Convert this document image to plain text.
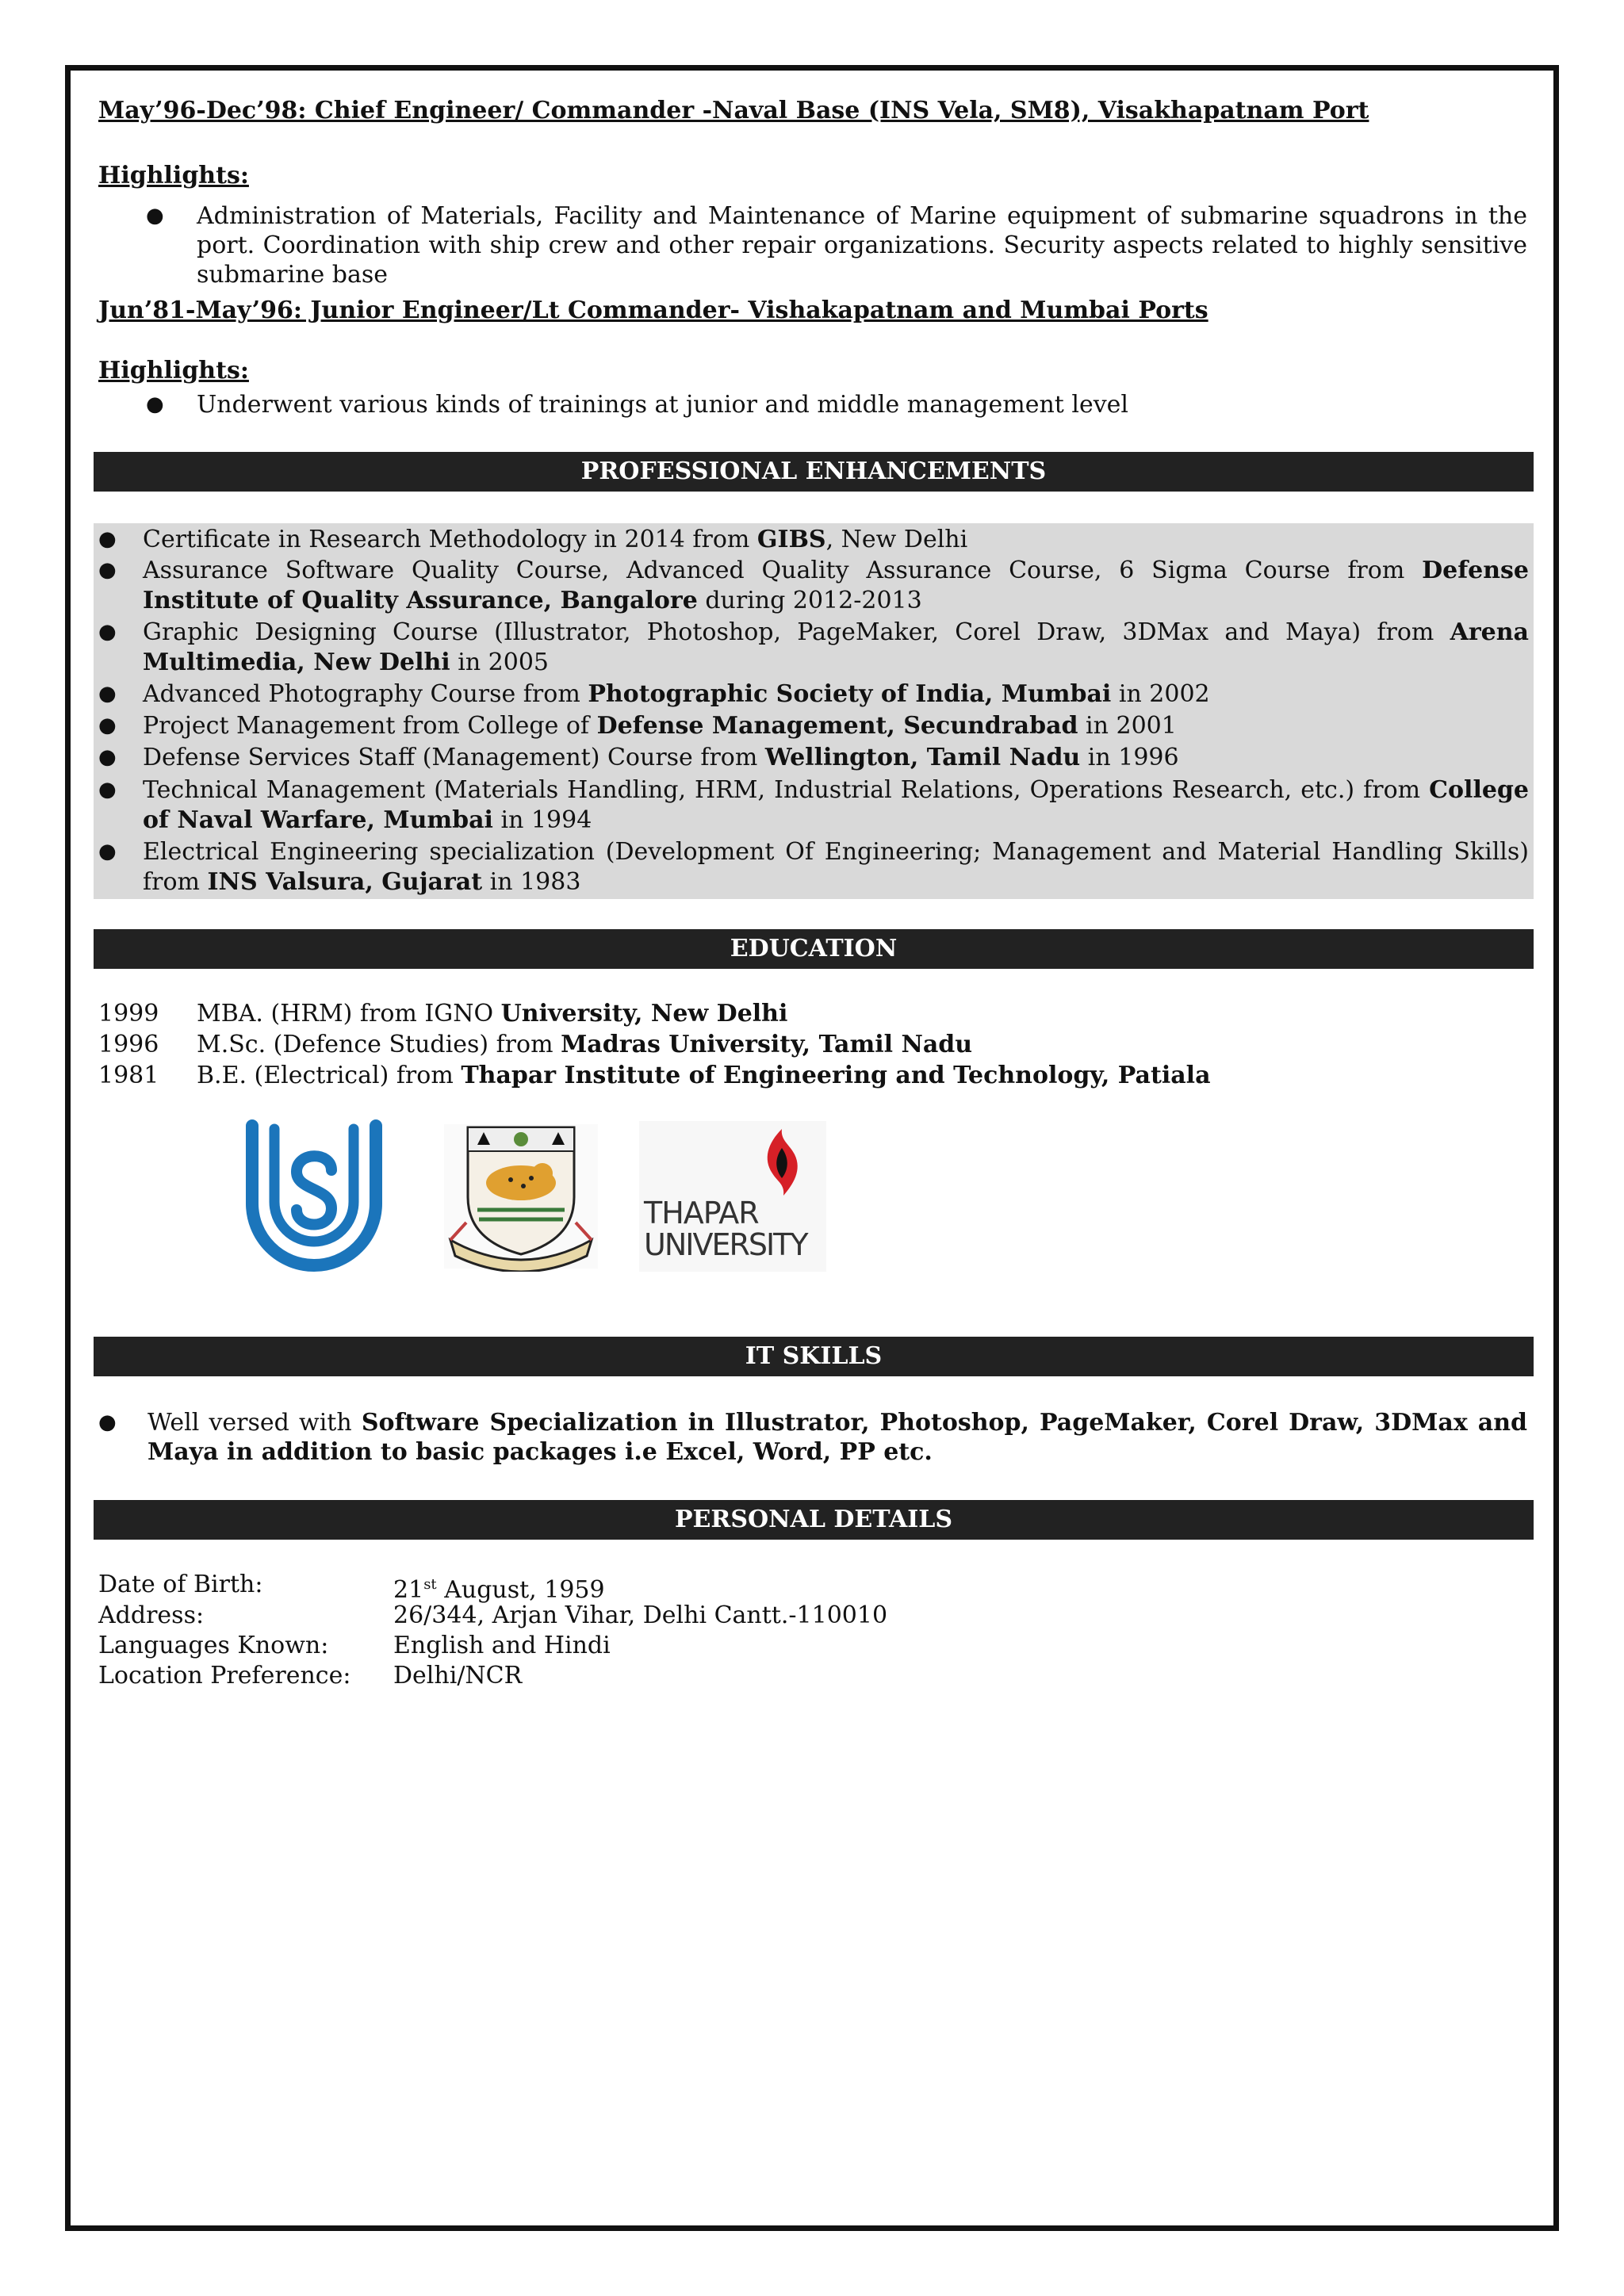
May’96-Dec’98: Chief Engineer/ Commander -Naval Base (INS Vela, SM8), Visakhapatnam Port
Highlights:
● Administration of Materials, Facility and Maintenance of Marine equipment of submarine squadrons in the port. Coordination with ship crew and other repair organizations. Security aspects related to highly sensitive submarine base
Jun’81-May’96: Junior Engineer/Lt Commander- Vishakapatnam and Mumbai Ports
Highlights:
● Underwent various kinds of trainings at junior and middle management level
PROFESSIONAL ENHANCEMENTS
● Certificate in Research Methodology in 2014 from GIBS, New Delhi
● Assurance Software Quality Course, Advanced Quality Assurance Course, 6 Sigma Course from Defense Institute of Quality Assurance, Bangalore during 2012-2013
● Graphic Designing Course (Illustrator, Photoshop, PageMaker, Corel Draw, 3DMax and Maya) from Arena Multimedia, New Delhi in 2005
● Advanced Photography Course from Photographic Society of India, Mumbai in 2002
● Project Management from College of Defense Management, Secundrabad in 2001
● Defense Services Staff (Management) Course from Wellington, Tamil Nadu in 1996
● Technical Management (Materials Handling, HRM, Industrial Relations, Operations Research, etc.) from College of Naval Warfare, Mumbai in 1994
● Electrical Engineering specialization (Development Of Engineering; Management and Material Handling Skills) from INS Valsura, Gujarat in 1983
EDUCATION
1999 MBA. (HRM) from IGNO University, New Delhi
1996 M.Sc. (Defence Studies) from Madras University, Tamil Nadu
1981 B.E. (Electrical) from Thapar Institute of Engineering and Technology, Patiala
THAPAR
UNIVERSITY
IT SKILLS
● Well versed with Software Specialization in Illustrator, Photoshop, PageMaker, Corel Draw, 3DMax and Maya in addition to basic packages i.e Excel, Word, PP etc.
PERSONAL DETAILS
Date of Birth:	21st August, 1959
Address:	26/344, Arjan Vihar, Delhi Cantt.-110010
Languages Known:	English and Hindi
Location Preference: Delhi/NCR
